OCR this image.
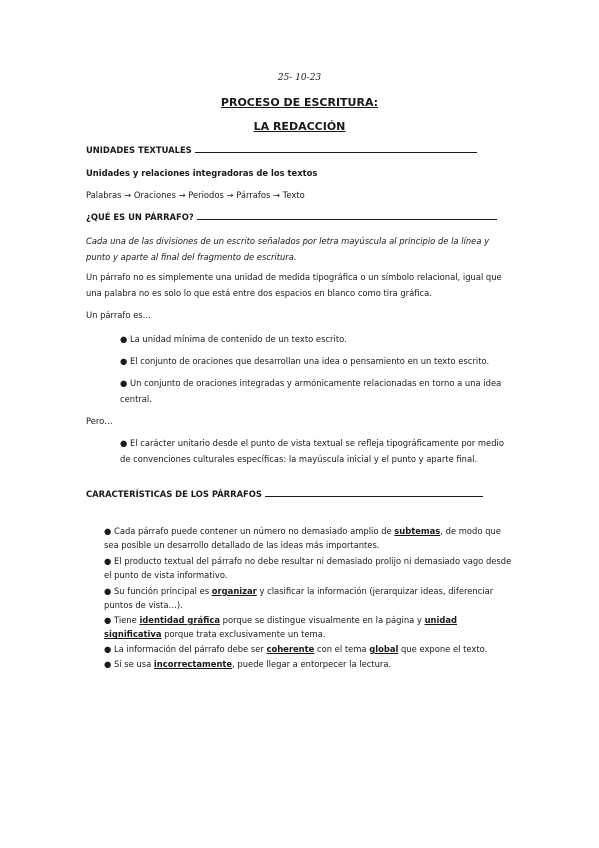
25- 10-23
PROCESO DE ESCRITURA:
LA REDACCIÓN
UNIDADES TEXTUALES
Unidades y relaciones integradoras de los textos
Palabras → Oraciones → Periodos → Párrafos → Texto
¿QUÉ ES UN PÁRRAFO?
Cada una de las divisiones de un escrito señalados por letra mayúscula al principio de la línea y punto y aparte al final del fragmento de escritura.
Un párrafo no es simplemente una unidad de medida tipográfica o un símbolo relacional, igual que una palabra no es solo lo que está entre dos espacios en blanco como tira gráfica.
Un párrafo es…
● La unidad mínima de contenido de un texto escrito.
● El conjunto de oraciones que desarrollan una idea o pensamiento en un texto escrito.
● Un conjunto de oraciones integradas y armónicamente relacionadas en torno a una idea central.
Pero…
● El carácter unitario desde el punto de vista textual se refleja tipográficamente por medio de convenciones culturales específicas: la mayúscula inicial y el punto y aparte final.
CARACTERÍSTICAS DE LOS PÁRRAFOS
● Cada párrafo puede contener un número no demasiado amplio de subtemas, de modo que sea posible un desarrollo detallado de las ideas más importantes.
● El producto textual del párrafo no debe resultar ni demasiado prolijo ni demasiado vago desde el punto de vista informativo.
● Su función principal es organizar y clasificar la información (jerarquizar ideas, diferenciar puntos de vista…).
● Tiene identidad gráfica porque se distingue visualmente en la página y unidad significativa porque trata exclusivamente un tema.
● La información del párrafo debe ser coherente con el tema global que expone el texto.
● Si se usa incorrectamente, puede llegar a entorpecer la lectura.
